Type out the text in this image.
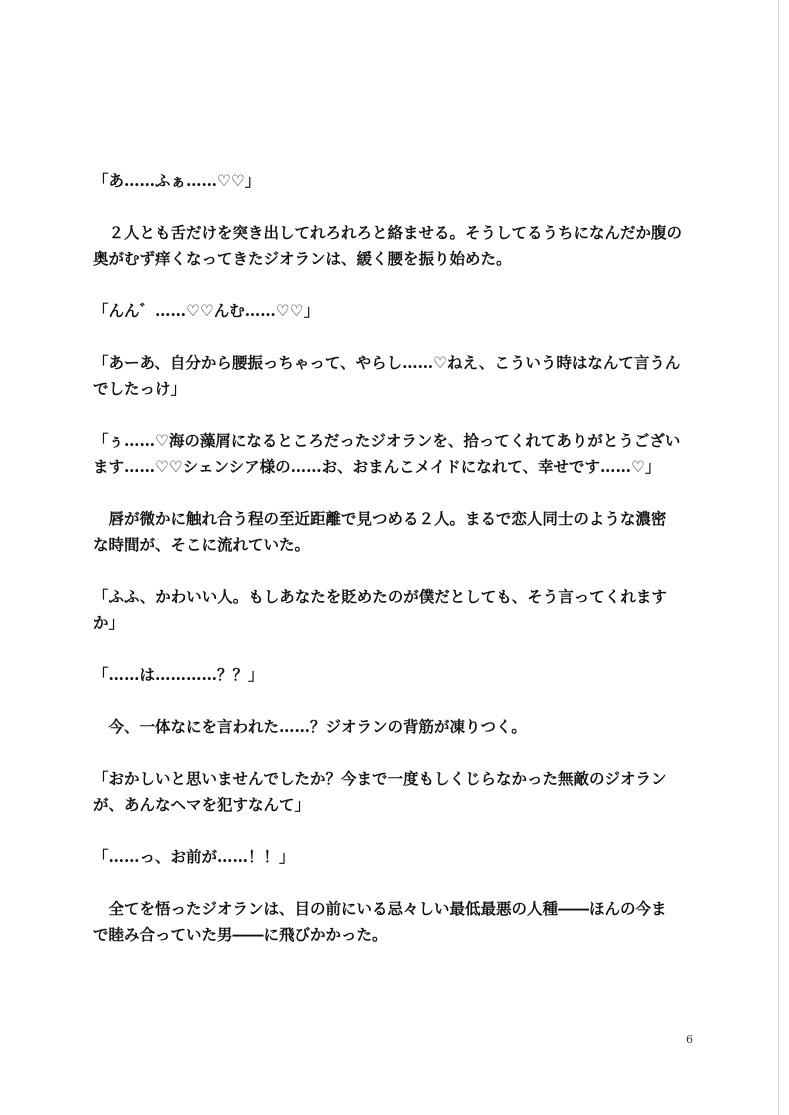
「あ……ふぁ……♡♡」

　２人とも舌だけを突き出してれろれろと絡ませる。そうしてるうちになんだか腹の
奥がむず痒くなってきたジオランは、緩く腰を振り始めた。

「んん゛……♡♡んむ……♡♡」

「あーあ、自分から腰振っちゃって、やらし……♡ねえ、こういう時はなんて言うん
でしたっけ」

「ぅ……♡海の藻屑になるところだったジオランを、拾ってくれてありがとうござい
ます……♡♡シェンシア様の……お、おまんこメイドになれて、幸せです……♡」

　唇が微かに触れ合う程の至近距離で見つめる２人。まるで恋人同士のような濃密
な時間が、そこに流れていた。

「ふふ、かわいい人。もしあなたを貶めたのが僕だとしても、そう言ってくれます
か」

「……は…………？？」

　今、一体なにを言われた……？ジオランの背筋が凍りつく。

「おかしいと思いませんでしたか？今まで一度もしくじらなかった無敵のジオラン
が、あんなヘマを犯すなんて」

「……っ、お前が……！！」

　全てを悟ったジオランは、目の前にいる忌々しい最低最悪の人種――ほんの今ま
で睦み合っていた男――に飛びかかった。

6
